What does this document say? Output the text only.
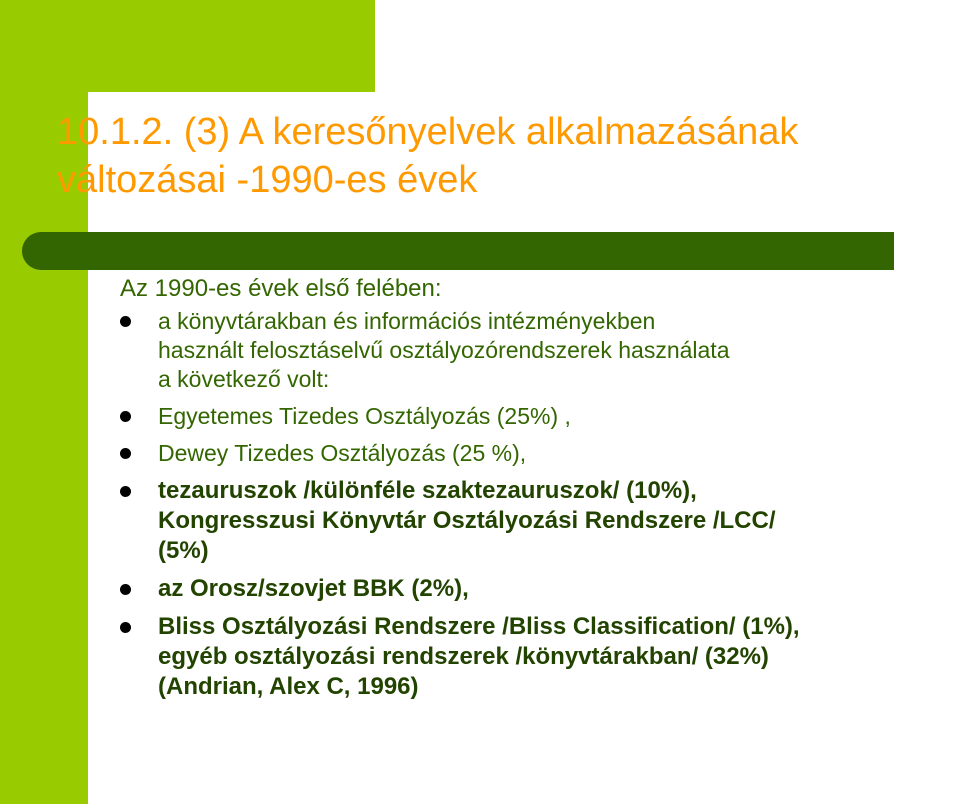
10.1.2. (3) A keresőnyelvek alkalmazásának
változásai -1990-es évek

Az 1990-es évek első felében:

a könyvtárakban és információs intézményekben
használt felosztáselvű osztályozórendszerek használata
a következő volt:
Egyetemes Tizedes Osztályozás (25%) ,
Dewey Tizedes Osztályozás (25 %),
tezauruszok /különféle szaktezauruszok/ (10%),
Kongresszusi Könyvtár Osztályozási Rendszere /LCC/
(5%)
az Orosz/szovjet BBK (2%),
Bliss Osztályozási Rendszere /Bliss Classification/ (1%),
egyéb osztályozási rendszerek /könyvtárakban/ (32%)
(Andrian, Alex C, 1996)
